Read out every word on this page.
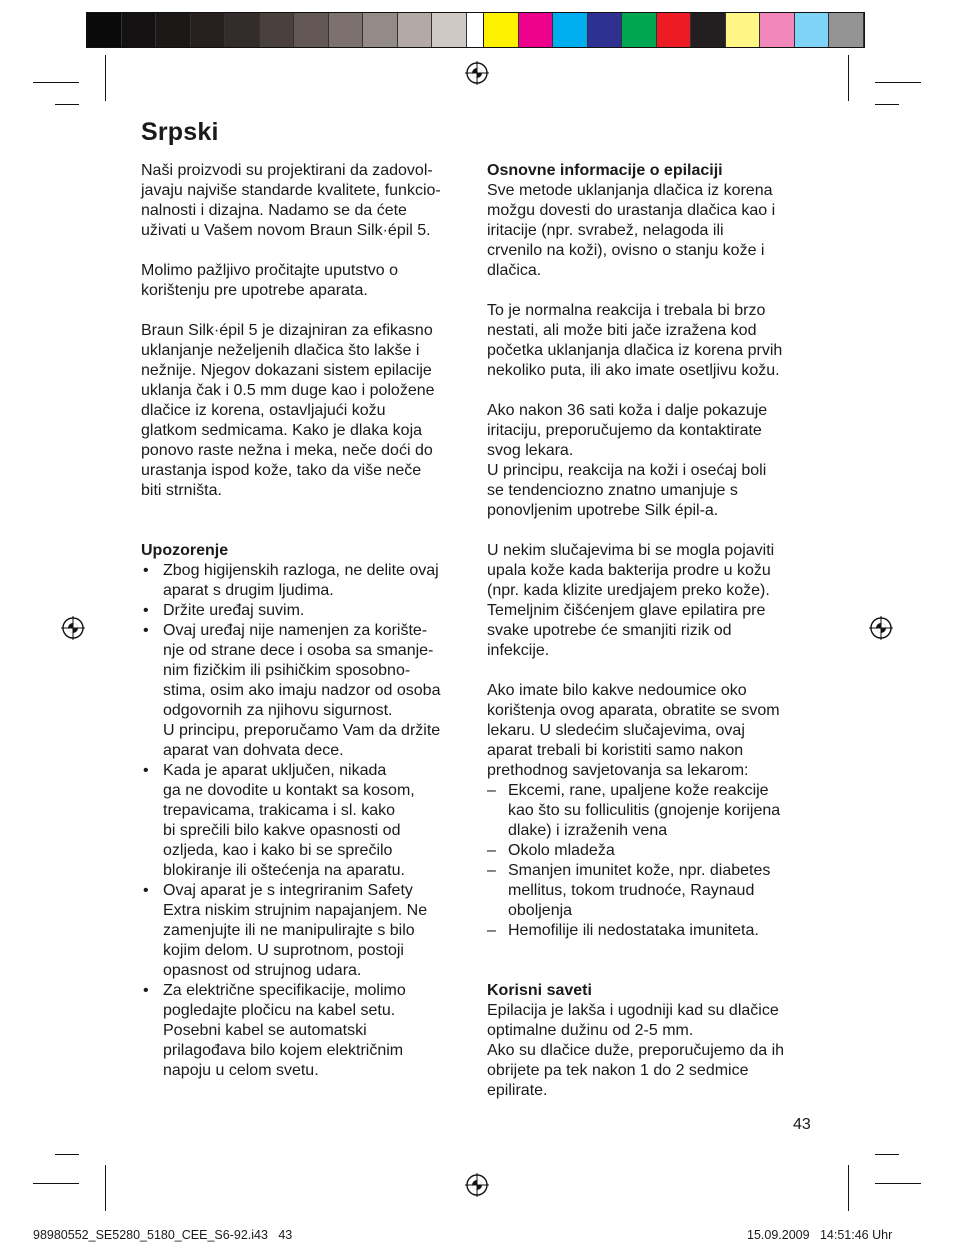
Srpski

Naši proizvodi su projektirani da zadovol-
javaju najviše standarde kvalitete, funkcio-
nalnosti i dizajna. Nadamo se da ćete
uživati u Vašem novom Braun Silk·épil 5.

Molimo pažljivo pročitajte uputstvo o
korištenju pre upotrebe aparata.

Braun Silk·épil 5 je dizajniran za efikasno
uklanjanje neželjenih dlačica što lakše i
nežnije. Njegov dokazani sistem epilacije
uklanja čak i 0.5 mm duge kao i položene
dlačice iz korena, ostavljajući kožu
glatkom sedmicama. Kako je dlaka koja
ponovo raste nežna i meka, neče doći do
urastanja ispod kože, tako da više neče
biti strništa.

Upozorenje
• Zbog higijenskih razloga, ne delite ovaj
aparat s drugim ljudima.
• Držite uređaj suvim.
• Ovaj uređaj nije namenjen za korište-
nje od strane dece i osoba sa smanje-
nim fizičkim ili psihičkim sposobno-
stima, osim ako imaju nadzor od osoba
odgovornih za njihovu sigurnost.
U principu, preporučamo Vam da držite
aparat van dohvata dece.
• Kada je aparat uključen, nikada
ga ne dovodite u kontakt sa kosom,
trepavicama, trakicama i sl. kako
bi sprečili bilo kakve opasnosti od
ozljeda, kao i kako bi se sprečilo
blokiranje ili oštećenja na aparatu.
• Ovaj aparat je s integriranim Safety
Extra niskim strujnim napajanjem. Ne
zamenjujte ili ne manipulirajte s bilo
kojim delom. U suprotnom, postoji
opasnost od strujnog udara.
• Za električne specifikacije, molimo
pogledajte pločicu na kabel setu.
Posebni kabel se automatski
prilagođava bilo kojem električnim
napoju u celom svetu.
Osnovne informacije o epilaciji

Sve metode uklanjanja dlačica iz korena
možgu dovesti do urastanja dlačica kao i
iritacije (npr. svrabež, nelagoda ili
crvenilo na koži), ovisno o stanju kože i
dlačica.

To je normalna reakcija i trebala bi brzo
nestati, ali može biti jače izražena kod
početka uklanjanja dlačica iz korena prvih
nekoliko puta, ili ako imate osetljivu kožu.

Ako nakon 36 sati koža i dalje pokazuje
iritaciju, preporučujemo da kontaktirate
svog lekara.
U principu, reakcija na koži i osećaj boli
se tendenciozno znatno umanjuje s
ponovljenim upotrebe Silk épil-a.

U nekim slučajevima bi se mogla pojaviti
upala kože kada bakterija prodre u kožu
(npr. kada klizite uredjajem preko kože).
Temeljnim čišćenjem glave epilatira pre
svake upotrebe će smanjiti rizik od
infekcije.

Ako imate bilo kakve nedoumice oko
korištenja ovog aparata, obratite se svom
lekaru. U sledećim slučajevima, ovaj
aparat trebali bi koristiti samo nakon
prethodnog savjetovanja sa lekarom:

– Ekcemi, rane, upaljene kože reakcije
kao što su folliculitis (gnojenje korijena
dlake) i izraženih vena
– Okolo mladeža
– Smanjen imunitet kože, npr. diabetes
mellitus, tokom trudnoće, Raynaud
oboljenja
– Hemofilije ili nedostataka imuniteta.
Korisni saveti

Epilacija je lakša i ugodniji kad su dlačice
optimalne dužinu od 2-5 mm.
Ako su dlačice duže, preporučujemo da ih
obrijete pa tek nakon 1 do 2 sedmice
epilirate.

43
98980552_SE5280_5180_CEE_S6-92.i43   43	15.09.2009   14:51:46 Uhr
